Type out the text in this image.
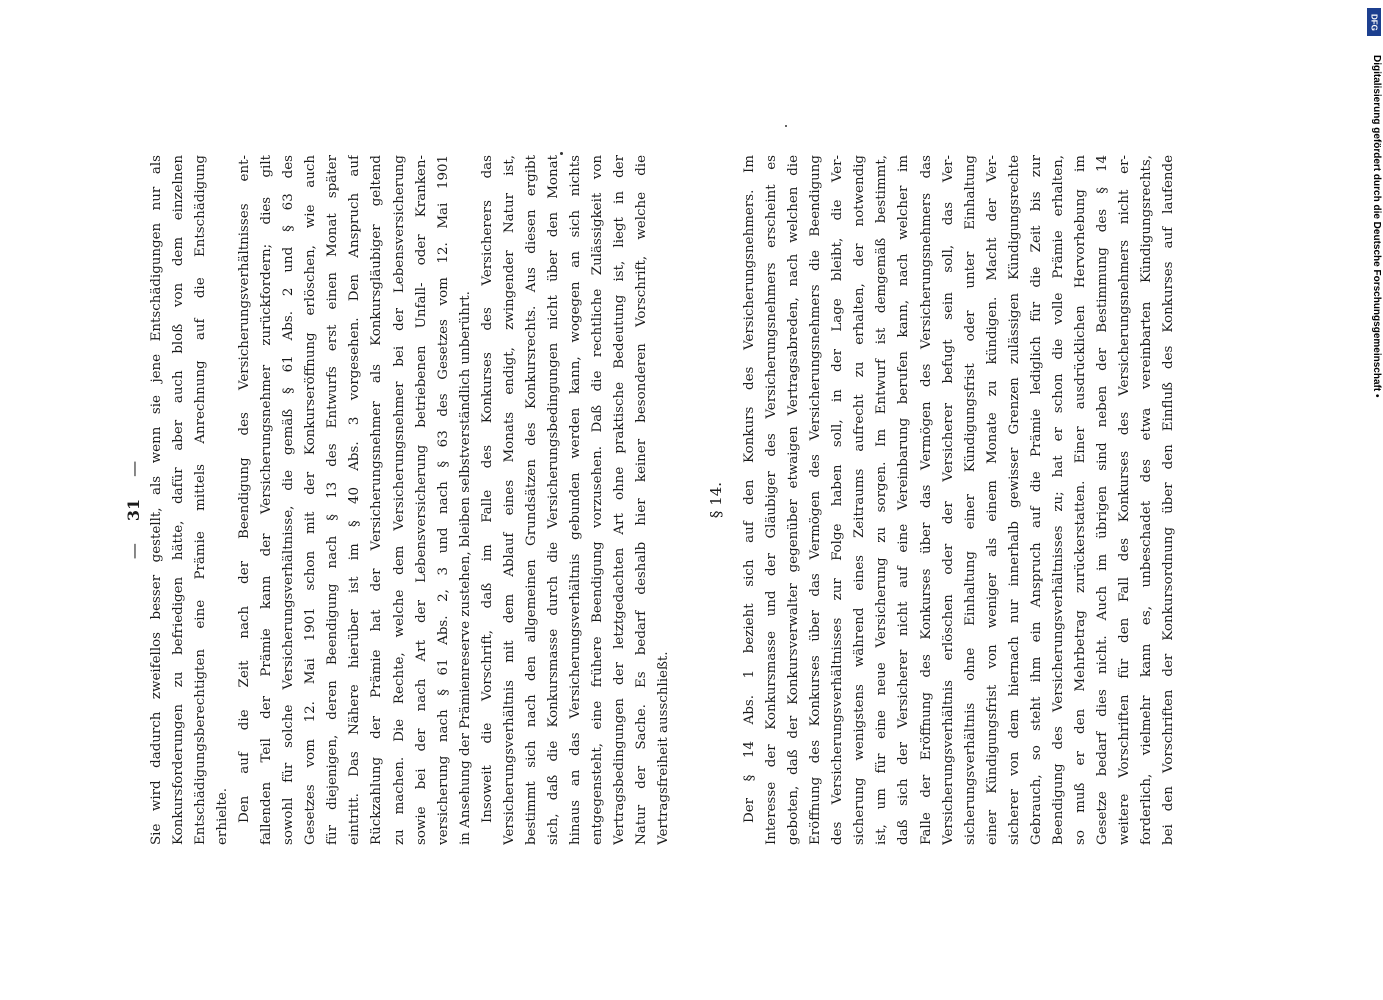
—
31
— Sie wird dadurch zweifellos besser gestellt, als wenn sie jene Entschädigungen nur als Konkursforderungen zu befriedigen hätte, dafür aber auch bloß von dem einzelnen Entschädigungsberechtigten eine Prämie mittels Anrechnung auf die Entschädigung erhielte. Den auf die Zeit nach der Beendigung des Versicherungsverhältnisses ent- fallenden Teil der Prämie kann der Versicherungsnehmer zurückfordern; dies gilt sowohl für solche Versicherungsverhältnisse, die gemäß § 61 Abs. 2 und § 63 des Gesetzes vom 12. Mai 1901 schon mit der Konkurseröffnung erlöschen, wie auch für diejenigen, deren Beendigung nach § 13 des Entwurfs erst einen Monat später eintritt. Das Nähere hierüber ist im § 40 Abs. 3 vorgesehen. Den Anspruch auf Rückzahlung der Prämie hat der Versicherungsnehmer als Konkursgläubiger geltend zu machen. Die Rechte, welche dem Versicherungsnehmer bei der Lebensversicherung sowie bei der nach Art der Lebensversicherung betriebenen Unfall- oder Kranken- versicherung nach § 61 Abs. 2, 3 und nach § 63 des Gesetzes vom 12. Mai 1901 in Ansehung der Prämienreserve zustehen, bleiben selbstverständlich unberührt. Insoweit die Vorschrift, daß im Falle des Konkurses des Versicherers das Versicherungsverhältnis mit dem Ablauf eines Monats endigt, zwingender Natur ist, bestimmt sich nach den allgemeinen Grundsätzen des Konkursrechts. Aus diesen ergibt sich, daß die Konkursmasse durch die Versicherungsbedingungen nicht über den Monat hinaus an das Versicherungsverhältnis gebunden werden kann, wogegen an sich nichts entgegensteht, eine frühere Beendigung vorzusehen. Daß die rechtliche Zulässigkeit von Vertragsbedingungen der letztgedachten Art ohne praktische Bedeutung ist, liegt in der Natur der Sache. Es bedarf deshalb hier keiner besonderen Vorschrift, welche die Vertragsfreiheit ausschließt.
§ 14.	Der § 14 Abs. 1 bezieht sich auf den Konkurs des Versicherungsnehmers. Im Interesse der Konkursmasse und der Gläubiger des Versicherungsnehmers erscheint es geboten, daß der Konkursverwalter gegenüber etwaigen Vertragsabreden, nach welchen die Eröffnung des Konkurses über das Vermögen des Versicherungsnehmers die Beendigung des Versicherungsverhältnisses zur Folge haben soll, in der Lage bleibt, die Ver- sicherung wenigstens während eines Zeitraums aufrecht zu erhalten, der notwendig ist, um für eine neue Versicherung zu sorgen. Im Entwurf ist demgemäß bestimmt, daß sich der Versicherer nicht auf eine Vereinbarung berufen kann, nach welcher im Falle der Eröffnung des Konkurses über das Vermögen des Versicherungsnehmers das Versicherungsverhältnis erlöschen oder der Versicherer befugt sein soll, das Ver- sicherungsverhältnis ohne Einhaltung einer Kündigungsfrist oder unter Einhaltung einer Kündigungsfrist von weniger als einem Monate zu kündigen. Macht der Ver- sicherer von dem hiernach nur innerhalb gewisser Grenzen zulässigen Kündigungsrechte Gebrauch, so steht ihm ein Anspruch auf die Prämie lediglich für die Zeit bis zur Beendigung des Versicherungsverhältnisses zu; hat er schon die volle Prämie erhalten, so muß er den Mehrbetrag zurückerstatten. Einer ausdrücklichen Hervorhebung im Gesetze bedarf dies nicht. Auch im übrigen sind neben der Bestimmung des § 14 weitere Vorschriften für den Fall des Konkurses des Versicherungsnehmers nicht er- forderlich, vielmehr kann es, unbeschadet des etwa vereinbarten Kündigungsrechts, bei den Vorschriften der Konkursordnung über den Einfluß des Konkurses auf laufende
DFG
Digitalisierung gefördert durch die Deutsche Forschungsgemeinschaft •
